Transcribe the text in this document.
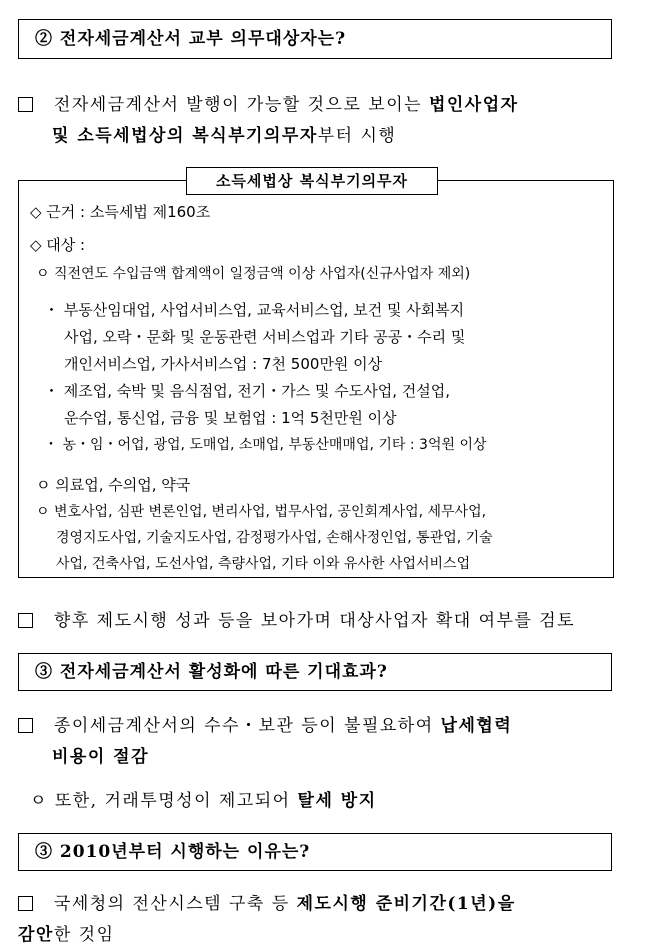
② 전자세금계산서 교부 의무대상자는?
전자세금계산서 발행이 가능할 것으로 보이는 법인사업자
및 소득세법상의 복식부기의무자부터 시행
소득세법상 복식부기의무자
◇ 근거 : 소득세법 제160조
◇ 대상 :
ㅇ 직전연도 수입금액 합계액이 일정금액 이상 사업자(신규사업자 제외)
・ 부동산임대업, 사업서비스업, 교육서비스업, 보건 및 사회복지
사업, 오락・문화 및 운동관련 서비스업과 기타 공공・수리 및
개인서비스업, 가사서비스업 : 7천 500만원 이상
・ 제조업, 숙박 및 음식점업, 전기・가스 및 수도사업, 건설업,
운수업, 통신업, 금융 및 보험업 : 1억 5천만원 이상
・ 농・임・어업, 광업, 도매업, 소매업, 부동산매매업, 기타 : 3억원 이상
ㅇ 의료업, 수의업, 약국
ㅇ 변호사업, 심판 변론인업, 변리사업, 법무사업, 공인회계사업, 세무사업,
경영지도사업, 기술지도사업, 감정평가사업, 손해사정인업, 통관업, 기술
사업, 건축사업, 도선사업, 측량사업, 기타 이와 유사한 사업서비스업
향후 제도시행 성과 등을 보아가며 대상사업자 확대 여부를 검토
③ 전자세금계산서 활성화에 따른 기대효과?
종이세금계산서의 수수・보관 등이 불필요하여 납세협력
비용이 절감
ㅇ 또한, 거래투명성이 제고되어 탈세 방지
③ 2010년부터 시행하는 이유는?
국세청의 전산시스템 구축 등 제도시행 준비기간(1년)을
감안한 것임
